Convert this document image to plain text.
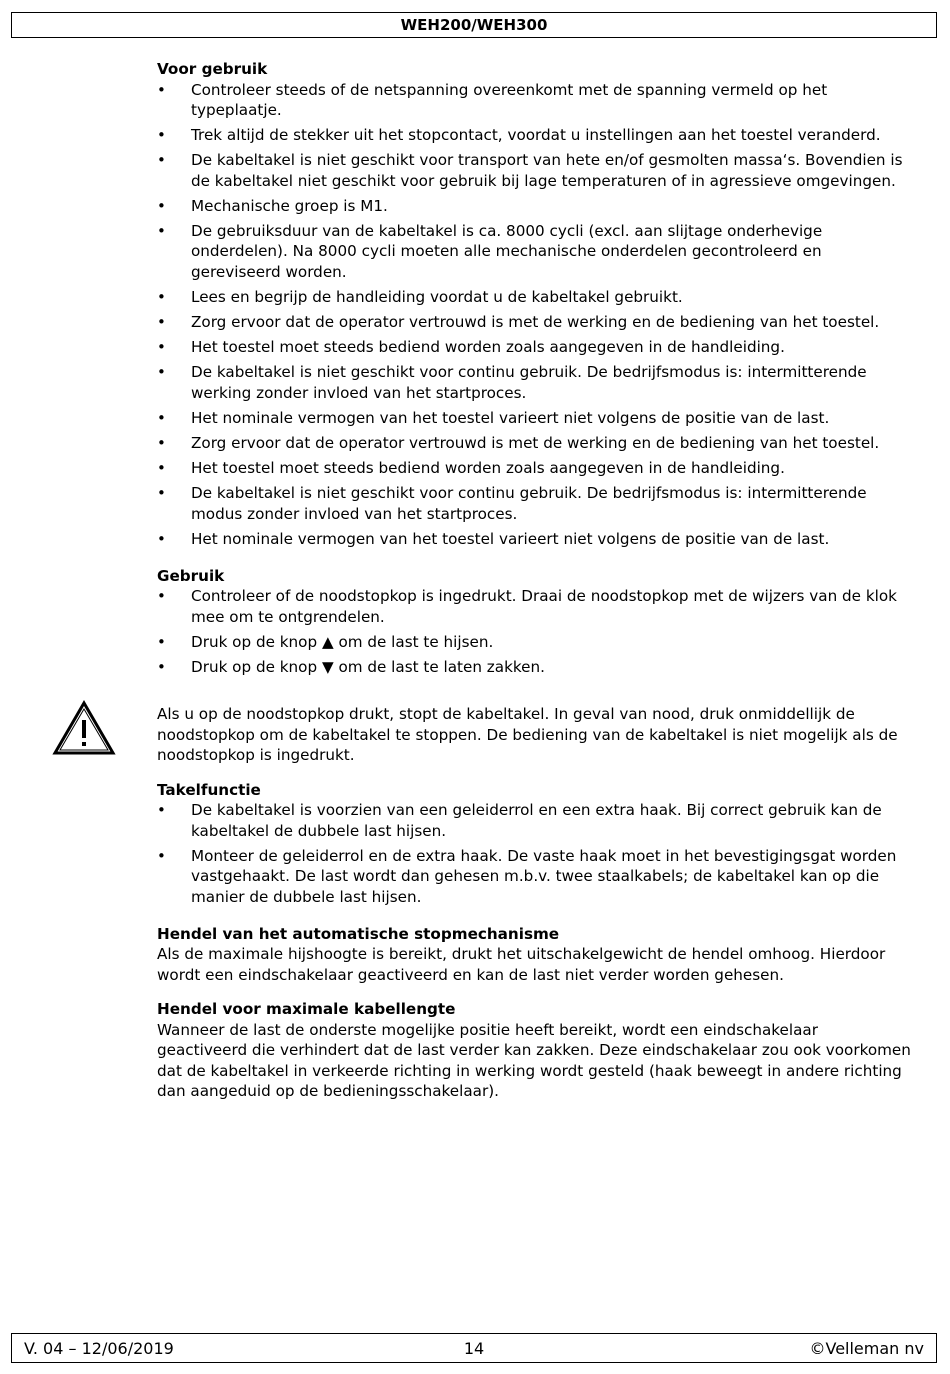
WEH200/WEH300
Voor gebruik
• Controleer steeds of de netspanning overeenkomt met de spanning vermeld op het typeplaatje.
• Trek altijd de stekker uit het stopcontact, voordat u instellingen aan het toestel veranderd.
• De kabeltakel is niet geschikt voor transport van hete en/of gesmolten massa‘s. Bovendien is de kabeltakel niet geschikt voor gebruik bij lage temperaturen of in agressieve omgevingen.
• Mechanische groep is M1.
• De gebruiksduur van de kabeltakel is ca. 8000 cycli (excl. aan slijtage onderhevige onderdelen). Na 8000 cycli moeten alle mechanische onderdelen gecontroleerd en gereviseerd worden.
• Lees en begrijp de handleiding voordat u de kabeltakel gebruikt.
• Zorg ervoor dat de operator vertrouwd is met de werking en de bediening van het toestel.
• Het toestel moet steeds bediend worden zoals aangegeven in de handleiding.
• De kabeltakel is niet geschikt voor continu gebruik. De bedrijfsmodus is: intermitterende werking zonder invloed van het startproces.
• Het nominale vermogen van het toestel varieert niet volgens de positie van de last.
• Zorg ervoor dat de operator vertrouwd is met de werking en de bediening van het toestel.
• Het toestel moet steeds bediend worden zoals aangegeven in de handleiding.
• De kabeltakel is niet geschikt voor continu gebruik. De bedrijfsmodus is: intermitterende modus zonder invloed van het startproces.
• Het nominale vermogen van het toestel varieert niet volgens de positie van de last.
Gebruik
• Controleer of de noodstopkop is ingedrukt. Draai de noodstopkop met de wijzers van de klok mee om te ontgrendelen.
• Druk op de knop ▲ om de last te hijsen.
• Druk op de knop ▼ om de last te laten zakken.

Als u op de noodstopkop drukt, stopt de kabeltakel. In geval van nood, druk onmiddellijk de noodstopkop om de kabeltakel te stoppen. De bediening van de kabeltakel is niet mogelijk als de noodstopkop is ingedrukt.

Takelfunctie
• De kabeltakel is voorzien van een geleiderrol en een extra haak. Bij correct gebruik kan de kabeltakel de dubbele last hijsen.
• Monteer de geleiderrol en de extra haak. De vaste haak moet in het bevestigingsgat worden vastgehaakt. De last wordt dan gehesen m.b.v. twee staalkabels; de kabeltakel kan op die manier de dubbele last hijsen.
Hendel van het automatische stopmechanisme

Als de maximale hijshoogte is bereikt, drukt het uitschakelgewicht de hendel omhoog. Hierdoor wordt een eindschakelaar geactiveerd en kan de last niet verder worden gehesen.

Hendel voor maximale kabellengte

Wanneer de last de onderste mogelijke positie heeft bereikt, wordt een eindschakelaar geactiveerd die verhindert dat de last verder kan zakken. Deze eindschakelaar zou ook voorkomen dat de kabeltakel in verkeerde richting in werking wordt gesteld (haak beweegt in andere richting dan aangeduid op de bedieningsschakelaar).

V. 04 – 12/06/2019	14	©Velleman nv
